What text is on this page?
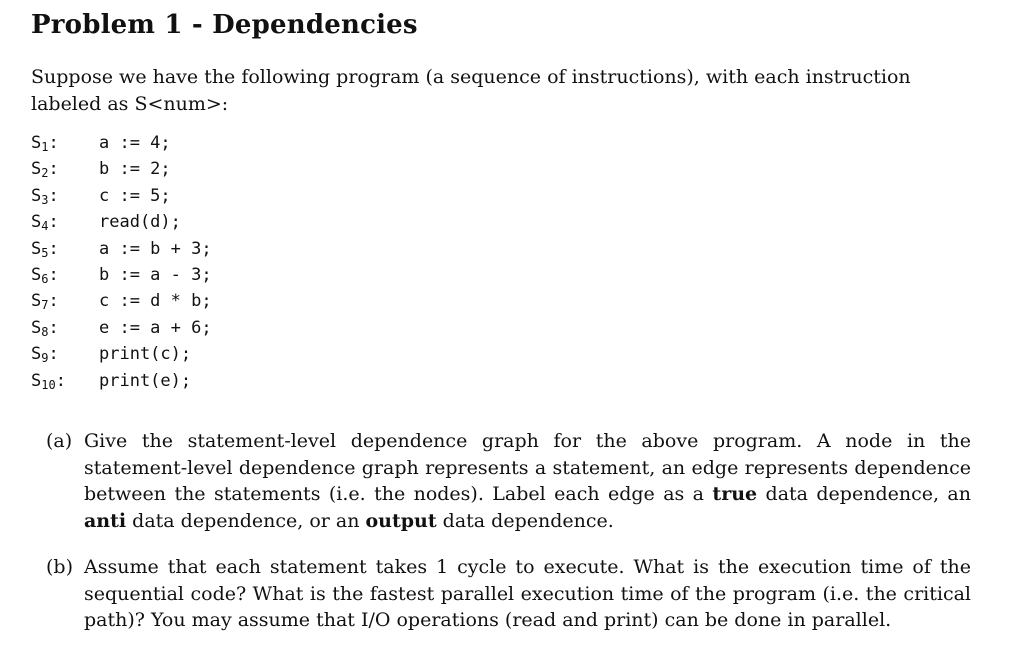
Problem 1 - Dependencies

Suppose we have the following program (a sequence of instructions), with each instruction labeled as S<num>:

$S_1$:

a := 4;

$S_2$:

b := 2;

$S_3$:

c := 5;

$S_4$:

read(d);

$S_5$:

a := b + 3;

$S_6$:

b := a - 3;

$S_7$:

c := d * b;

$S_8$:

e := a + 6;

$S_9$:

print(c);

$S_{10}$:

print(e);

(a) Give the statement-level dependence graph for the above program. A node in the statement-level dependence graph represents a statement, an edge represents dependence between the statements (i.e. the nodes). Label each edge as a true data dependence, an anti data dependence, or an output data dependence.
(b) Assume that each statement takes 1 cycle to execute. What is the execution time of the sequential code? What is the fastest parallel execution time of the program (i.e. the critical path)? You may assume that I/O operations (read and print) can be done in parallel.
